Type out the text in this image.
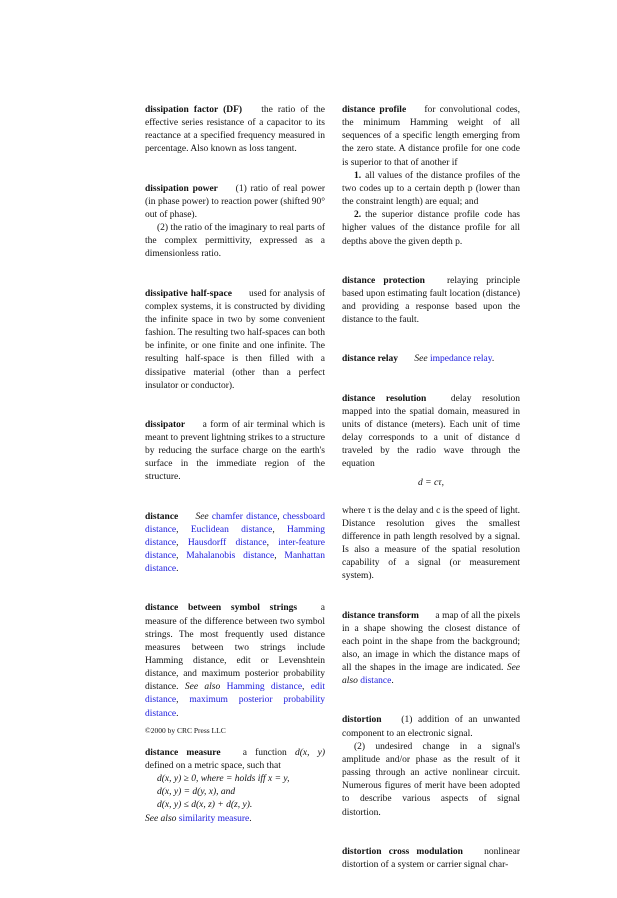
dissipation factor (DF) the ratio of the effective series resistance of a capacitor to its reactance at a specified frequency measured in percentage. Also known as loss tangent.
dissipation power (1) ratio of real power (in phase power) to reaction power (shifted 90° out of phase).

(2) the ratio of the imaginary to real parts of the complex permittivity, expressed as a dimensionless ratio.

dissipative half-space used for analysis of complex systems, it is constructed by dividing the infinite space in two by some convenient fashion. The resulting two half-spaces can both be infinite, or one finite and one infinite. The resulting half-space is then filled with a dissipative material (other than a perfect insulator or conductor).
dissipator a form of air terminal which is meant to prevent lightning strikes to a structure by reducing the surface charge on the earth's surface in the immediate region of the structure.
distance See chamfer distance, chessboard distance, Euclidean distance, Hamming distance, Hausdorff distance, inter-feature distance, Mahalanobis distance, Manhattan distance.
distance between symbol strings a measure of the difference between two symbol strings. The most frequently used distance measures between two strings include Hamming distance, edit or Levenshtein distance, and maximum posterior probability distance. See also Hamming distance, edit distance, maximum posterior probability distance.
distance measure a function d(x, y) defined on a metric space, such that

d(x, y) ≥ 0, where = holds iff x = y,

d(x, y) = d(y, x), and

d(x, y) ≤ d(x, z) + d(z, y).

See also similarity measure.
distance profile for convolutional codes, the minimum Hamming weight of all sequences of a specific length emerging from the zero state. A distance profile for one code is superior to that of another if

1. all values of the distance profiles of the two codes up to a certain depth p (lower than the constraint length) are equal; and

2. the superior distance profile code has higher values of the distance profile for all depths above the given depth p.

distance protection relaying principle based upon estimating fault location (distance) and providing a response based upon the distance to the fault.
distance relay See impedance relay.
distance resolution	delay resolution mapped into the spatial domain, measured in units of distance (meters). Each unit of time delay corresponds to a unit of distance d traveled by the radio wave through the equation
d = cτ,
where τ is the delay and c is the speed of light. Distance resolution gives the smallest difference in path length resolved by a signal. Is also a measure of the spatial resolution capability of a signal (or measurement system).
distance transform a map of all the pixels in a shape showing the closest distance of each point in the shape from the background; also, an image in which the distance maps of all the shapes in the image are indicated. See also distance.
distortion (1) addition of an unwanted component to an electronic signal.

(2) undesired change in a signal's amplitude and/or phase as the result of it passing through an active nonlinear circuit. Numerous figures of merit have been adopted to describe various aspects of signal distortion.

distortion cross modulation nonlinear distortion of a system or carrier signal char-
©2000 by CRC Press LLC
